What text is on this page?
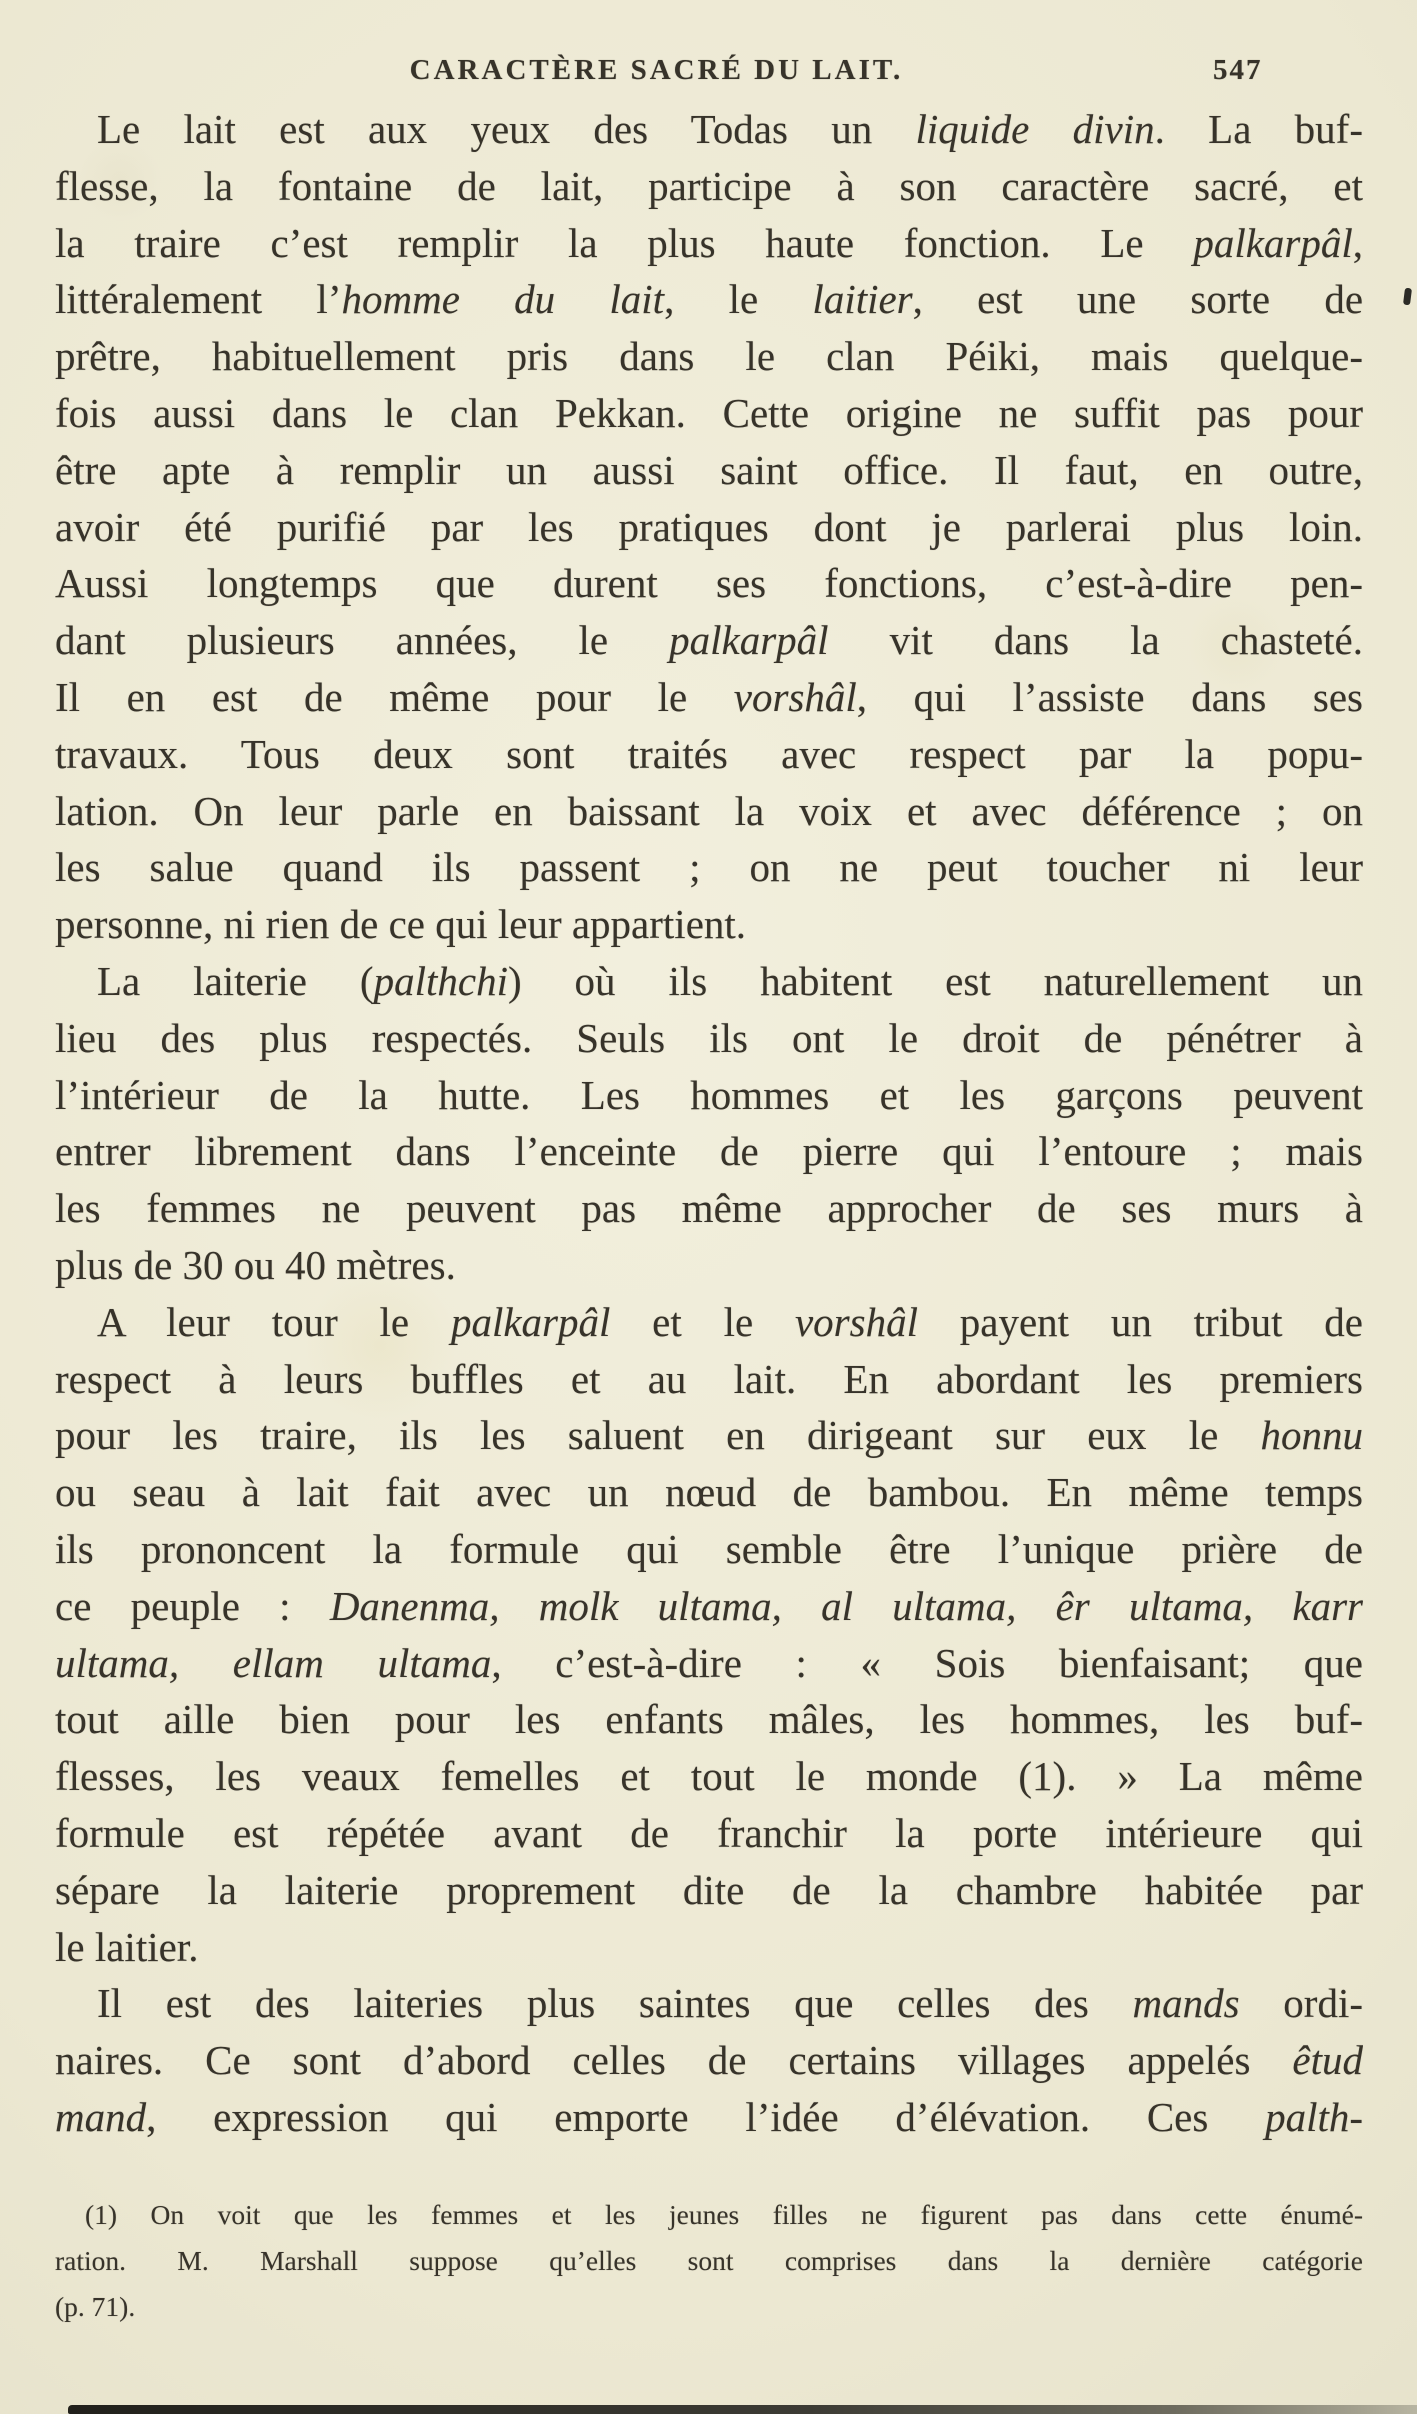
CARACTÈRE SACRÉ DU LAIT.	547
Le lait est aux yeux des Todas un liquide divin. La buf-
flesse, la fontaine de lait, participe à son caractère sacré, et
la traire c’est remplir la plus haute fonction. Le palkarpâl,
littéralement l’homme du lait, le laitier, est une sorte de
prêtre, habituellement pris dans le clan Péiki, mais quelque-
fois aussi dans le clan Pekkan. Cette origine ne suffit pas pour
être apte à remplir un aussi saint office. Il faut, en outre,
avoir été purifié par les pratiques dont je parlerai plus loin.
Aussi longtemps que durent ses fonctions, c’est-à-dire pen-
dant plusieurs années, le palkarpâl vit dans la chasteté.
Il en est de même pour le vorshâl, qui l’assiste dans ses
travaux. Tous deux sont traités avec respect par la popu-
lation. On leur parle en baissant la voix et avec déférence ; on
les salue quand ils passent ; on ne peut toucher ni leur
personne, ni rien de ce qui leur appartient.
La laiterie (palthchi) où ils habitent est naturellement un
lieu des plus respectés. Seuls ils ont le droit de pénétrer à
l’intérieur de la hutte. Les hommes et les garçons peuvent
entrer librement dans l’enceinte de pierre qui l’entoure ; mais
les femmes ne peuvent pas même approcher de ses murs à
plus de 30 ou 40 mètres.
A leur tour le palkarpâl et le vorshâl payent un tribut de
respect à leurs buffles et au lait. En abordant les premiers
pour les traire, ils les saluent en dirigeant sur eux le honnu
ou seau à lait fait avec un nœud de bambou. En même temps
ils prononcent la formule qui semble être l’unique prière de
ce peuple : Danenma, molk ultama, al ultama, êr ultama, karr
ultama, ellam ultama, c’est-à-dire : « Sois bienfaisant; que
tout aille bien pour les enfants mâles, les hommes, les buf-
flesses, les veaux femelles et tout le monde (1). » La même
formule est répétée avant de franchir la porte intérieure qui
sépare la laiterie proprement dite de la chambre habitée par
le laitier.
Il est des laiteries plus saintes que celles des mands ordi-
naires. Ce sont d’abord celles de certains villages appelés êtud
mand, expression qui emporte l’idée d’élévation. Ces palth-
(1) On voit que les femmes et les jeunes filles ne figurent pas dans cette énumé-
ration. M. Marshall suppose qu’elles sont comprises dans la dernière catégorie
(p. 71).
